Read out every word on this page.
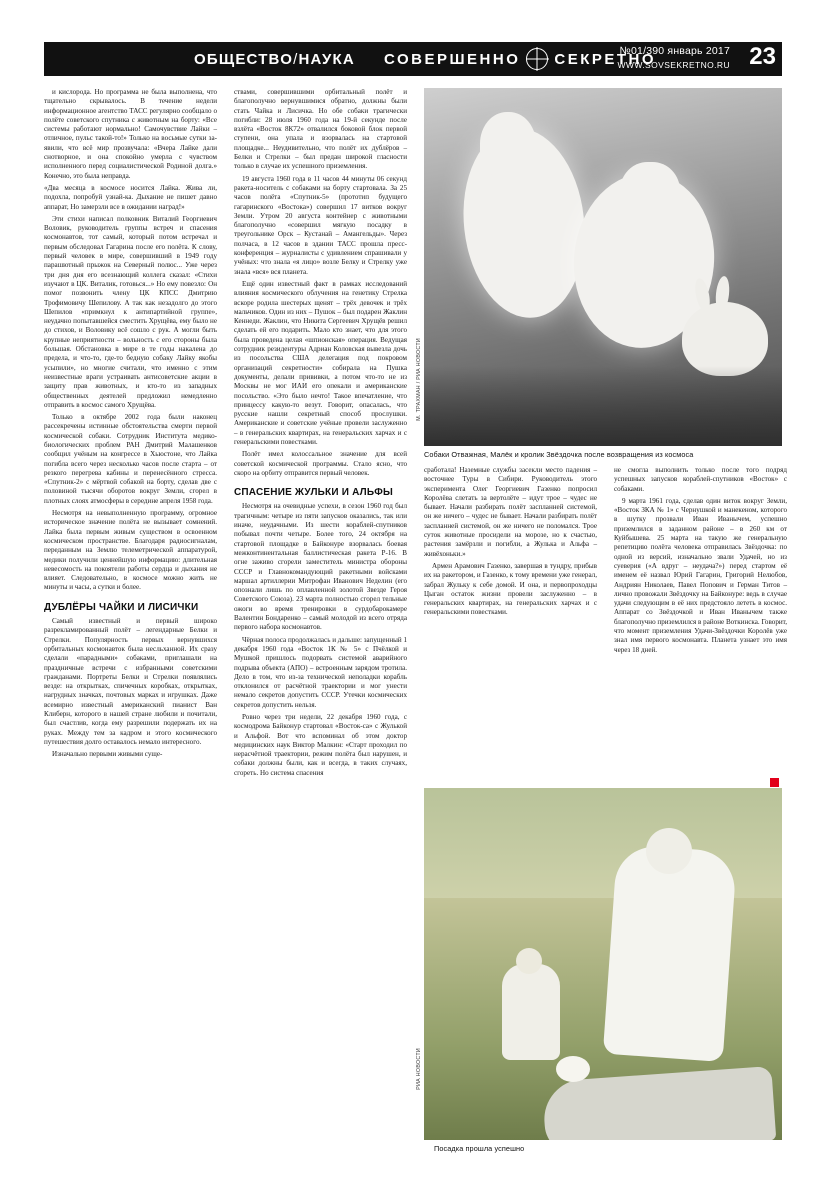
ОБЩЕСТВО/НАУКА СОВЕРШЕННО СЕКРЕТНО
№01/390 январь 2017
WWW.SOVSEKRETNO.RU 23

и кислорода. Но программа не была выполнена, что тщательно скрывалось. В течение недели информационное агентство ТАСС регулярно сообщало о полёте советского спутника с животным на борту: «Все системы работают нормально! Самочувствие Лайки – отличное, пульс такой-то!» Только на восьмые сутки заявили, что всё мир прозвучала: «Вчера Лайке дали снотворное, и она спокойно умерла с чувством исполненного перед социалистической Родиной долга.» Конечно, это была неправда.

«Два месяца в космосе носится Лайка. Жива ли, подохла, попробуй узнай-ка. Дыхание не пишет давно аппарат, Но замерзли все в ожидании наград!»

Эти стихи написал полковник Виталий Георгиевич Воловик, руководитель группы встреч и спасения космонавтов, тот самый, который потом встречал и первым обследовал Гагарина после его полёта. К слову, первый человек в мире, совершивший в 1949 году парашютный прыжок на Северный полюс... Уже через три дня дня его всезнающий коллега сказал: «Стихи изучают в ЦК. Виталик, готовься...» Но ему повезло: Он помог позвонить члену ЦК КПСС Дмитрию Трофимовичу Шепилову. А так как незадолго до этого Шепилов «примкнул к антипартийной группе», неудачно попытавшейся сместить Хрущёва, ему было не до стихов, и Воловику всё сошло с рук. А могли быть крупные неприятности – вольность с его стороны была большая. Обстановка в мире в те годы накалена до предела, и что-то, где-то бедную собаку Лайку якобы усыпили», но многие считали, что именно с этим неизвестные враги устраивать антисоветские акции в защиту прав животных, и кто-то из западных общественных деятелей предложил немедленно отправить в космос самого Хрущёва.

Только в октябре 2002 года были наконец рассекречены истинные обстоятельства смерти первой космической собаки. Сотрудник Института медико-биологических проблем РАН Дмитрий Малашенков сообщил учёным на конгрессе в Хьюстоне, что Лайка погибла всего через несколько часов после старта – от резкого перегрева кабины и перенесённого стресса. «Спутник-2» с мёртвой собакой на борту, сделав две с половиной тысячи оборотов вокруг Земли, сгорел в плотных слоях атмосферы в середине апреля 1958 года.

Несмотря на невыполненную программу, огромное историческое значение полёта не вызывает сомнений. Лайка была первым живым существом в освоенном космическом пространстве. Благодаря радиосигналам, переданным на Землю телеметрической аппаратурой, медики получили ценнейшую информацию: длительная невесомость на покоятели работы сердца и дыхания не влияет. Следовательно, в космосе можно жить не минуты и часы, а сутки и более.

ДУБЛЁРЫ ЧАЙКИ И ЛИСИЧКИ

Самый известный и первый широко разрекламированный полёт – легендарные Белки и Стрелки. Популярность первых вернувшихся орбитальных космонавток была несльханной. Их сразу сделали «парадными» собаками, приглашали на праздничные встречи с избранными советскими гражданами. Портреты Белки и Стрелки появлялись везде: на открытках, спичечных коробках, открытках, нагрудных значках, почтовых марках и игрушках. Даже всемирно известный американский пианист Ван Клиберн, которого в нашей стране любили и почитали, был счастлив, когда ему разрешили подержать их на руках. Между тем за кадром и этого космического путешествия долго оставалось немало интересного.

Изначально первыми живыми суще-

ствами, совершившими орбитальный полёт и благополучно вернувшимися обратно, должны были стать Чайка и Лисичка. Но обе собаки трагически погибли: 28 июля 1960 года на 19-й секунде после взлёта «Восток 8К72» отвалился боковой блок первой ступени, она упала и взорвалась на стартовой площадке... Неудивительно, что полёт их дублёров – Белки и Стрелки – был предан широкой гласности только в случае их успешного приземления.

19 августа 1960 года в 11 часов 44 минуты 06 секунд ракета-носитель с собаками на борту стартовала. За 25 часов полёта «Спутник-5» (прототип будущего гагаринского «Востока») совершил 17 витков вокруг Земли. Утром 20 августа контейнер с животными благополучно «совершил мягкую посадку в треугольнике Орск – Кустанай – Амангельды». Через полчаса, в 12 часов в здании ТАСС прошла пресс-конференция – журналисты с удивлением спрашивали у учёных: что знала «я лицо» возле Белку и Стрелку уже знала «вся» вся планета.

Ещё один известный факт в рамках исследований влияния космического облучения на генетику Стрелка вскоре родила шестерых щенят – трёх девочек и трёх мальчиков. Один из них – Пушок – был подарен Жаклин Кеннеди. Жаклин, что Никита Сергеевич Хрущёв решил сделать ей его подарить. Мало кто знает, что для этого была проведена целая «шпионская» операция. Ведущая сотрудник резидентуры Адриан Коловская вывезла дочь из посольства США делегация под покровом организаций секретности» собирала на Пушка документы, делали прививки, а потом что-то не из Москвы не мог ИАИ его опекали и американские посольство. «Это было нечто! Такое впечатление, что принцессу какую-то везут. Говорит, опасалась, что русские нашли секретный способ прослушки. Американские и советские учёные провели заслуженно – в генеральских квартирах, на генеральских харчах и с генеральскими повестками.

Полёт имел колоссальное значение для всей советской космической программы. Стало ясно, что скоро на орбиту отправится первый человек.

СПАСЕНИЕ ЖУЛЬКИ И АЛЬФЫ

Несмотря на очевидные успехи, в сезон 1960 год был трагичным: четыре из пяти запусков оказались, так или иначе, неудачными. Из шести кораблей-спутников побывал почти четыре. Более того, 24 октября на стартовой площадке в Байконуре взорвалась боевая межконтинентальная баллистическая ракета Р-16. В огне заживо сгорели заместитель министра обороны СССР и Главнокомандующий ракетными войсками маршал артиллерии Митрофан Иванович Неделин (его опознали лишь по оплавленной золотой Звезде Героя Советского Союза). 23 марта полностью сгорел тельные ожоги во время тренировки в сурдобарокамере Валентин Бондаренко – самый молодой из всего отряда первого набора космонавтов.

Чёрная полоса продолжалась и дальше: запущенный 1 декабря 1960 года «Восток 1К № 5» с Пчёлкой и Мушкой пришлось подорвать системой аварийного подрыва объекта (АПО) – встроенным зарядом тротила. Дело в том, что из-за технической неполадки корабль отклонился от расчётной траектории и мог унести немало секретов допустить СССР. Утечки космических секретов допустить нельзя.

Ровно через три недели, 22 декабря 1960 года, с космодрома Байконур стартовал «Восток-са» с Жулькой и Альфой. Вот что вспоминал об этом доктор медицинских наук Виктор Малкин: «Старт проходил по нерасчётной траектории, режим полёта был нарушен, и собаки должны были, как и всегда, в таких случаях, сгореть. Но система спасения

М. ТРАХМАН / РИА НОВОСТИ
Собаки Отважная, Малёк и кролик Звёздочка после возвращения из космоса

сработала! Наземные службы засекли место падения – восточнее Туры в Сибири. Руководитель этого эксперимента Олег Георгиевич Газенко попросил Королёва слетать за вертолёте – идут трое – чудес не бывает. Начали разбирать полёт заспланней системой, он же ничего – чудес не бывает. Начали разбирать полёт заспланней системой, он же ничего не поломался. Трое суток животные просидели на морозе, но к счастью, растения замёрзли и погибли, а Жулька и Альфа – живёхоньки.»

Армен Арамович Газенко, завершая в тундру, прибыв их на ракетором, и Газенко, к тому времени уже генерал, забрал Жульку к себе домой. И она, и первопроходцы Цыган остаток жизни провели заслуженно – в генеральских квартирах, на генеральских харчах и с генеральскими повестками.

не смогла выполнить только после того подряд успешных запусков кораблей-спутников «Восток» с собаками.

9 марта 1961 года, сделав один виток вокруг Земли, «Восток ЗКА № 1» с Чернушкой и манекеном, которого в шутку прозвали Иван Иванычем, успешно приземлился в заданном районе – в 260 км от Куйбышева. 25 марта на такую же генеральную репетицию полёта человека отправилась Звёздочка: по одной из версий, изначально звали Удачей, но из суеверия («А вдруг – неудача?») перед стартом её именем её назвал Юрий Гагарин, Григорий Нелюбов, Андриян Николаев, Павел Попович и Герман Титов – лично провожали Звёздочку на Байконуре: ведь в случае удачи следующим в её них предстояло лететь в космос. Аппарат со Звёздочкой и Иван Иванычем также благополучно приземлился в районе Воткинска. Говорит, что момент приземления Удачи-Звёздочки Королёв уже знал имя первого космонавта. Планета узнает это имя через 18 дней.

РИА НОВОСТИ
Посадка прошла успешно
